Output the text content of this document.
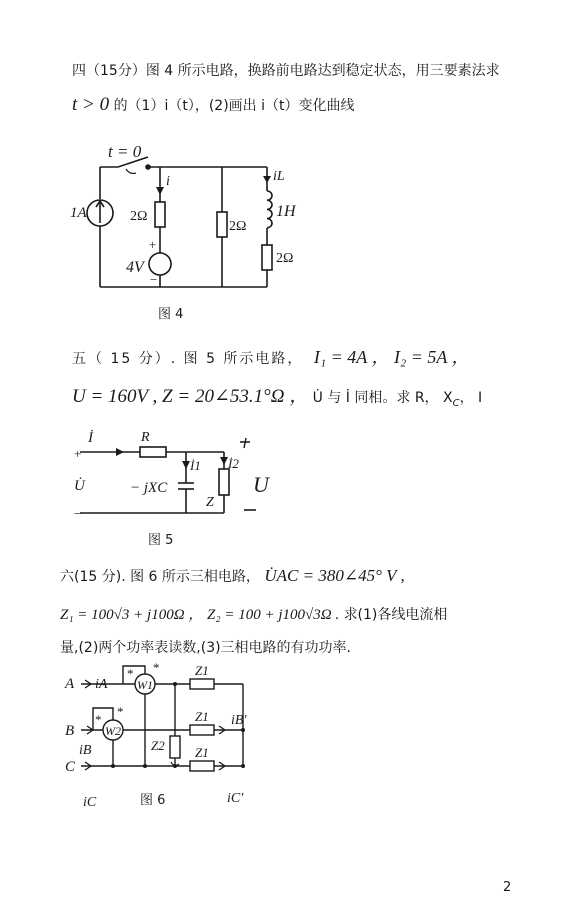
四（15分）图 4 所示电路，换路前电路达到稳定状态，用三要素法求
t > 0 的（1）i（t），(2)画出 i（t）变化曲线
t = 0
1A
i
2Ω
+
4V
−
2Ω
iL
1H
2Ω
图 4
五（ 15 分）. 图 5 所示电路， I₁ = 4A ， I₂ = 5A ，
U = 160V , Z = 20∠53.1°Ω ， U̇ 与 İ 同相。求 R， $X_C$， I
İ	R
İ1 İ2
U
+
U̇
−
− jXC
Z
图 5
六(15 分). 图 6 所示三相电路， U̇AC = 380∠45° V ,
Z₁ = 100√3 + j100Ω ， Z₂ = 100 + j100√3Ω . 求(1)各线电流相
量,(2)两个功率表读数,(3)三相电路的有功功率.
A
B
C
W1
W2
* *
*
*
Z1
Z1
Z1
Z2
iA
iB
iC
iB′
iC′
图 6
2
